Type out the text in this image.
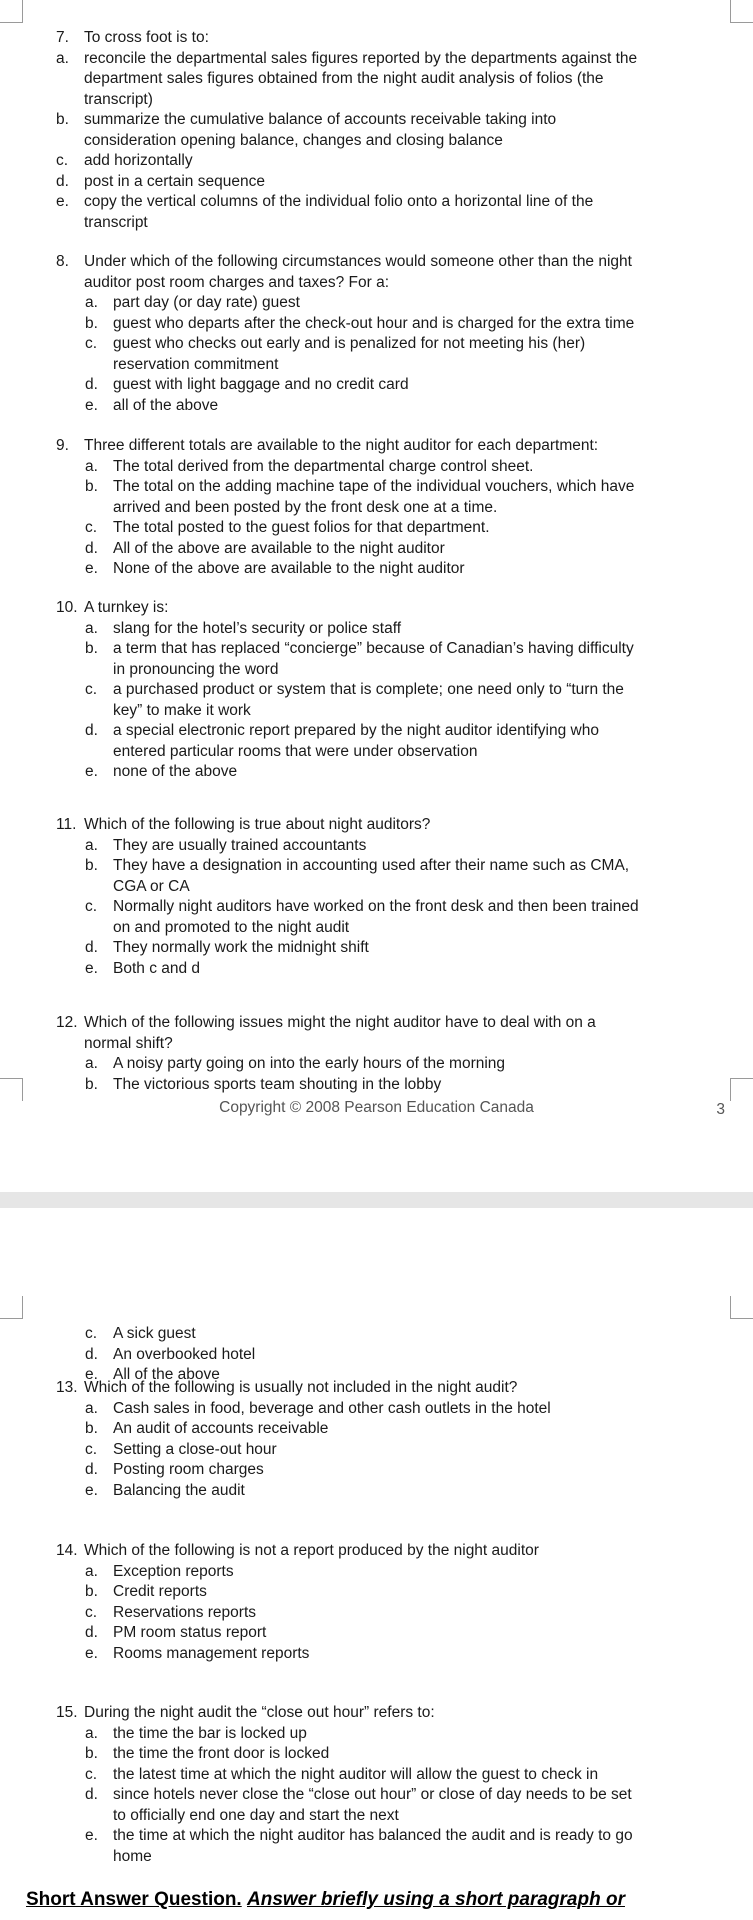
7. To cross foot is to:
a. reconcile the departmental sales figures reported by the departments against the
department sales figures obtained from the night audit analysis of folios (the
transcript)
b. summarize the cumulative balance of accounts receivable taking into
consideration opening balance, changes and closing balance
c. add horizontally
d. post in a certain sequence
e. copy the vertical columns of the individual folio onto a horizontal line of the
transcript
8. Under which of the following circumstances would someone other than the night
auditor post room charges and taxes? For a:
a. part day (or day rate) guest
b. guest who departs after the check-out hour and is charged for the extra time
c. guest who checks out early and is penalized for not meeting his (her)
reservation commitment
d. guest with light baggage and no credit card
e. all of the above
9. Three different totals are available to the night auditor for each department:
a. The total derived from the departmental charge control sheet.
b. The total on the adding machine tape of the individual vouchers, which have
arrived and been posted by the front desk one at a time.
c. The total posted to the guest folios for that department.
d. All of the above are available to the night auditor
e. None of the above are available to the night auditor
10. A turnkey is:
a. slang for the hotel’s security or police staff
b. a term that has replaced “concierge” because of Canadian’s having difficulty
in pronouncing the word
c. a purchased product or system that is complete; one need only to “turn the
key” to make it work
d. a special electronic report prepared by the night auditor identifying who
entered particular rooms that were under observation
e. none of the above
11. Which of the following is true about night auditors?
a. They are usually trained accountants
b. They have a designation in accounting used after their name such as CMA,
CGA or CA
c. Normally night auditors have worked on the front desk and then been trained
on and promoted to the night audit
d. They normally work the midnight shift
e. Both c and d
12. Which of the following issues might the night auditor have to deal with on a
normal shift?
a. A noisy party going on into the early hours of the morning
b. The victorious sports team shouting in the lobby
Copyright © 2008 Pearson Education Canada	3
c. A sick guest
d. An overbooked hotel
e. All of the above
13. Which of the following is usually not included in the night audit?
a. Cash sales in food, beverage and other cash outlets in the hotel
b. An audit of accounts receivable
c. Setting a close-out hour
d. Posting room charges
e. Balancing the audit
14. Which of the following is not a report produced by the night auditor
a. Exception reports
b. Credit reports
c. Reservations reports
d. PM room status report
e. Rooms management reports
15. During the night audit the “close out hour” refers to:
a. the time the bar is locked up
b. the time the front door is locked
c. the latest time at which the night auditor will allow the guest to check in
d. since hotels never close the “close out hour” or close of day needs to be set
to officially end one day and start the next
e. the time at which the night auditor has balanced the audit and is ready to go
home
Short Answer Question. Answer briefly using a short paragraph or
